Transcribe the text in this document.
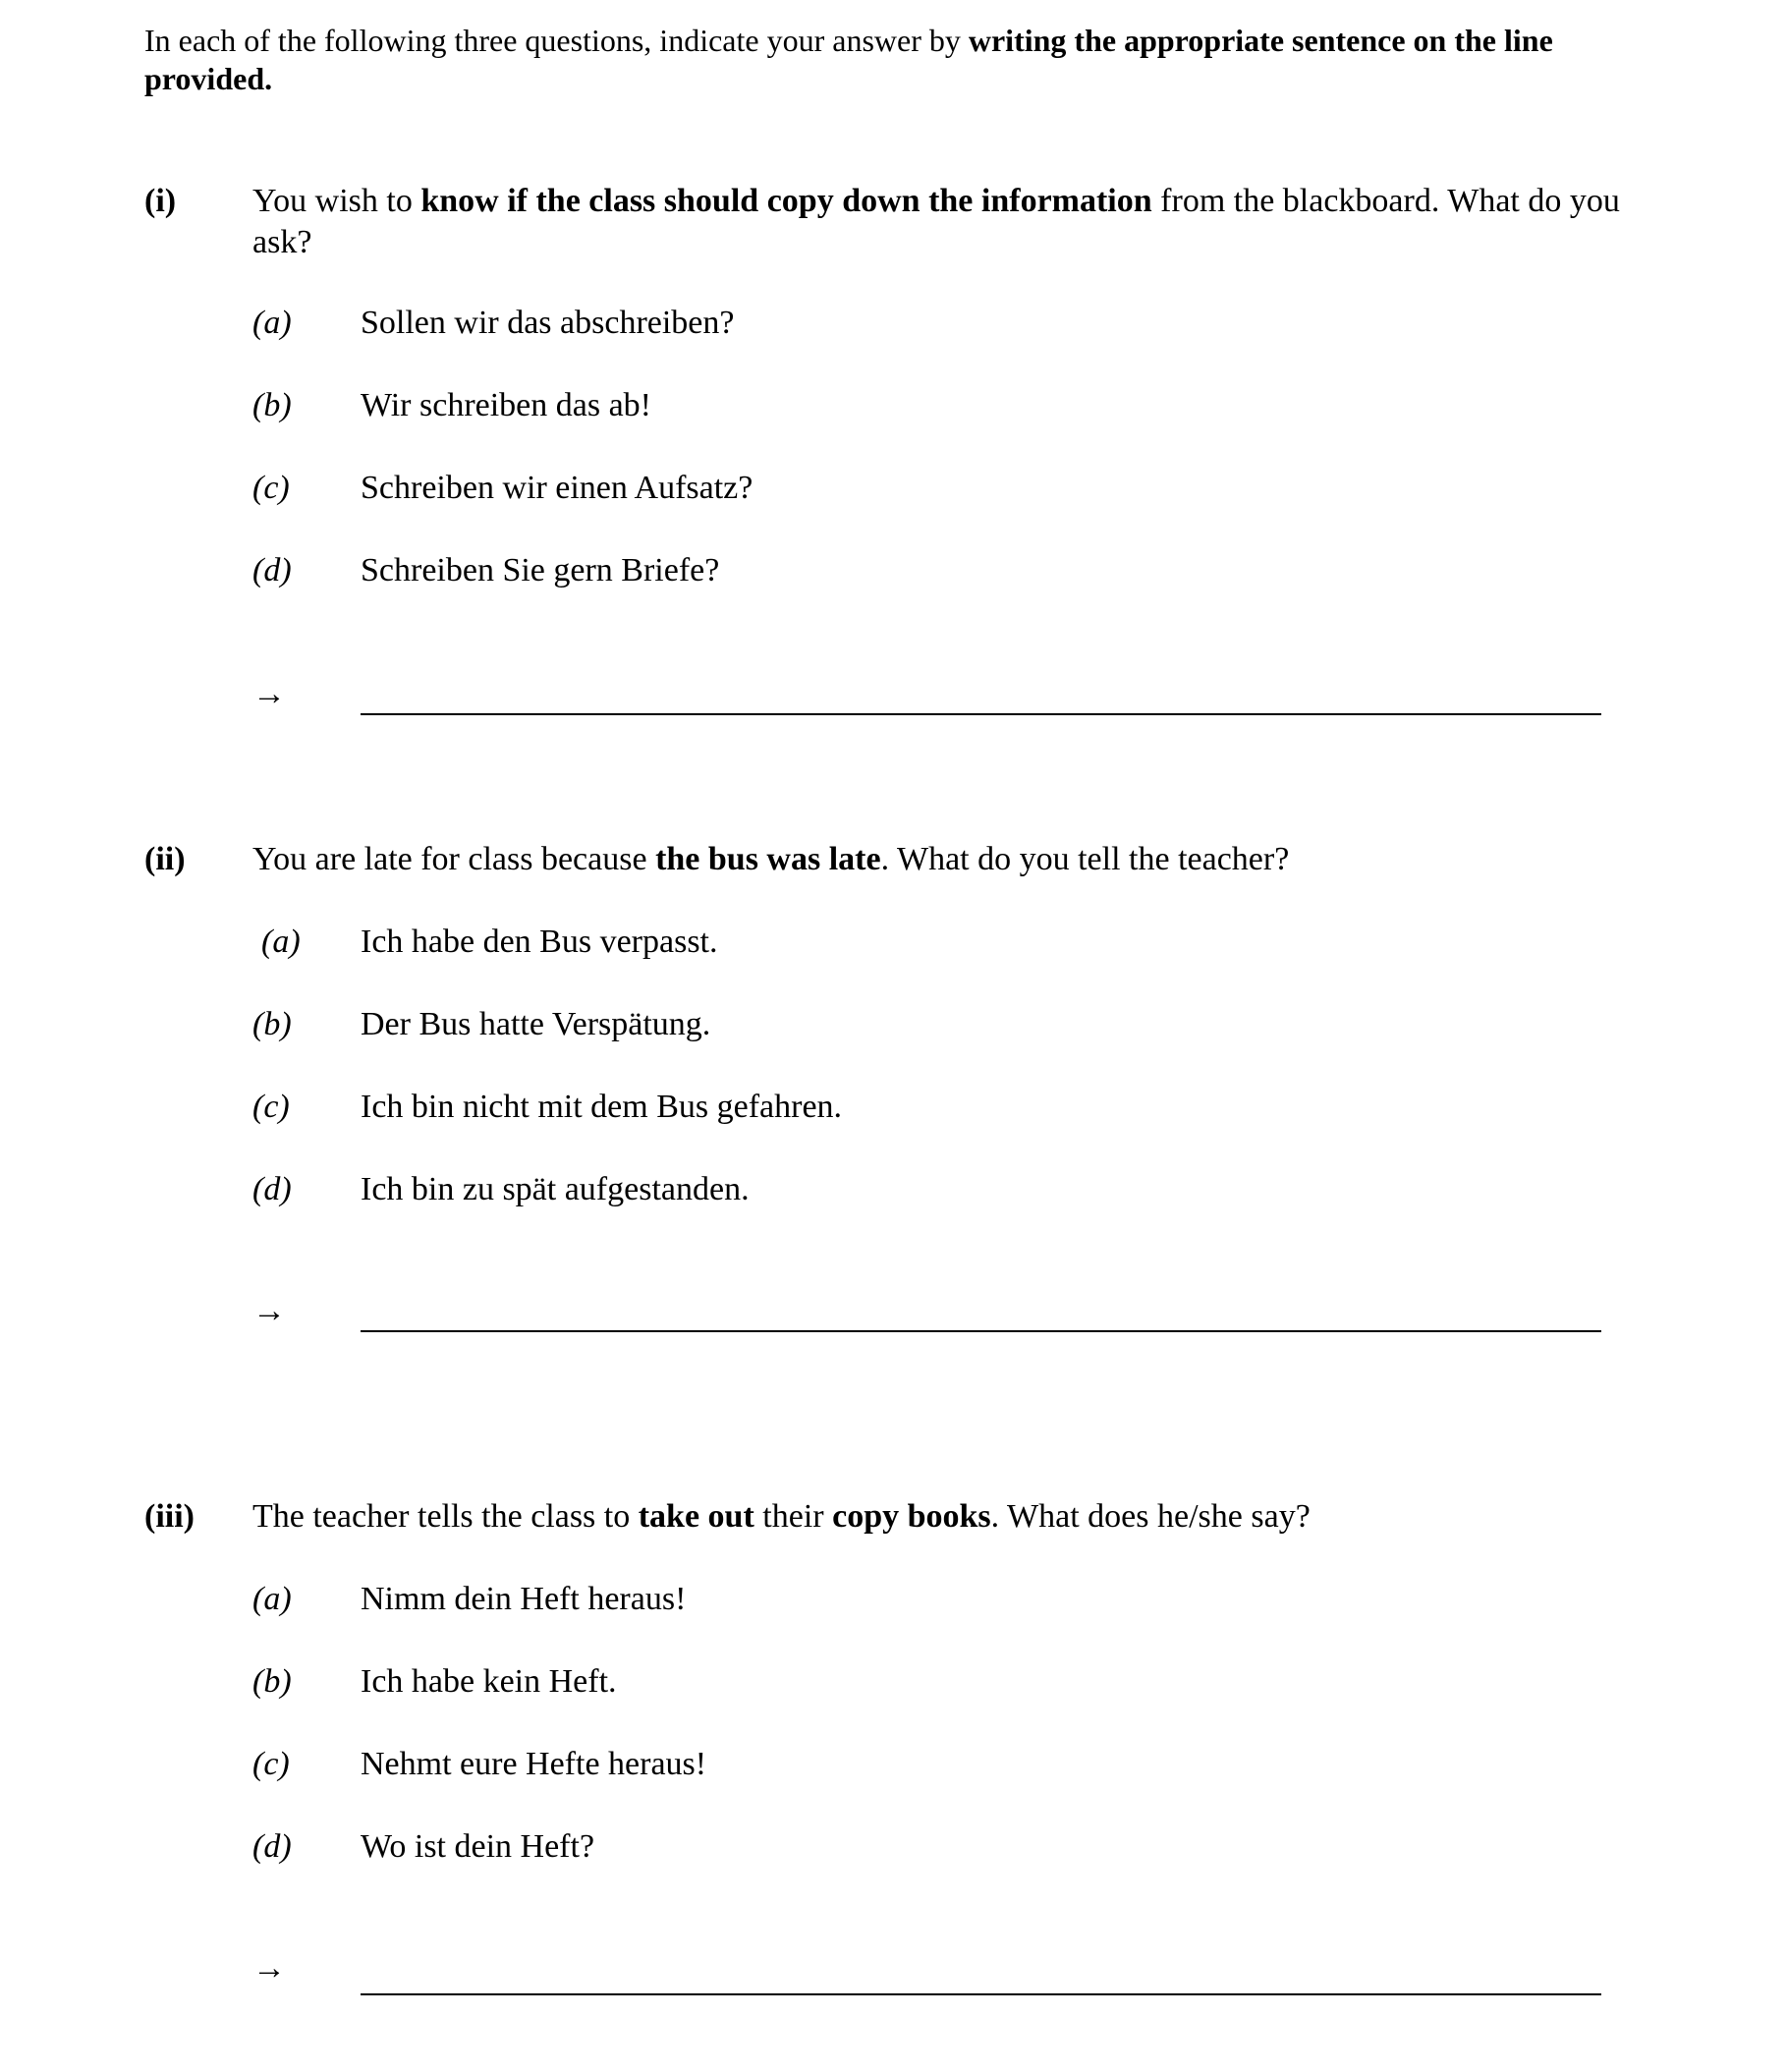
In each of the following three questions, indicate your answer by writing the appropriate sentence on the line provided.
(i) You wish to know if the class should copy down the information from the blackboard. What do you ask?
(a) Sollen wir das abschreiben?
(b) Wir schreiben das ab!
(c) Schreiben wir einen Aufsatz?
(d) Schreiben Sie gern Briefe?
→
(ii) You are late for class because the bus was late. What do you tell the teacher?
(a) Ich habe den Bus verpasst.
(b) Der Bus hatte Verspätung.
(c) Ich bin nicht mit dem Bus gefahren.
(d) Ich bin zu spät aufgestanden.
→
(iii) The teacher tells the class to take out their copy books. What does he/she say?
(a) Nimm dein Heft heraus!
(b) Ich habe kein Heft.
(c) Nehmt eure Hefte heraus!
(d) Wo ist dein Heft?
→
